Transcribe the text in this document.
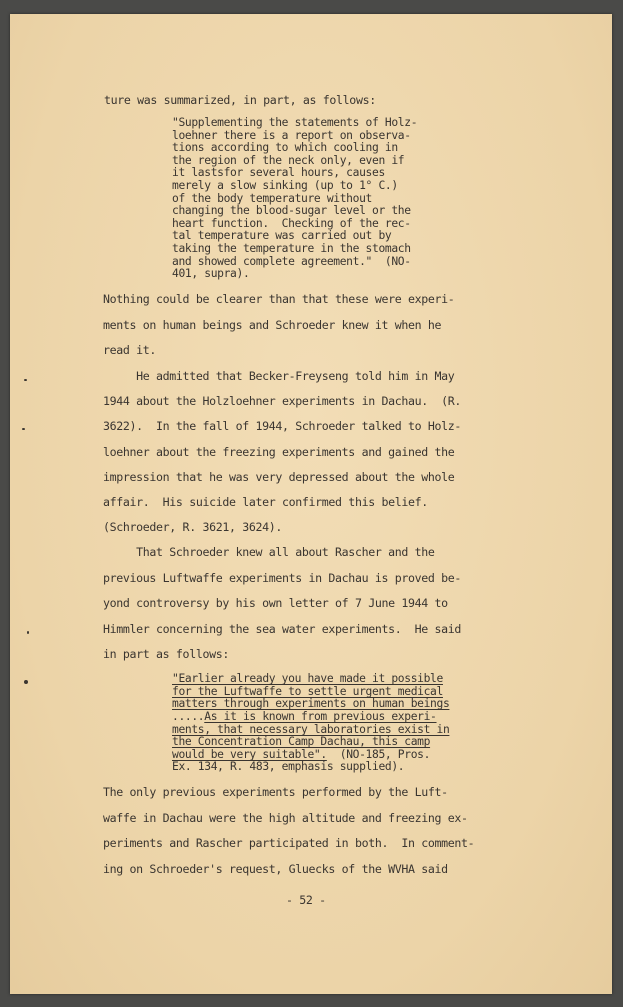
ture was summarized, in part, as follows:
"Supplementing the statements of Holz-
loehner there is a report on observa-
tions according to which cooling in
the region of the neck only, even if
it lastsfor several hours, causes
merely a slow sinking (up to 1° C.)
of the body temperature without
changing the blood-sugar level or the
heart function.  Checking of the rec-
tal temperature was carried out by
taking the temperature in the stomach
and showed complete agreement."  (NO-
401, supra).
Nothing could be clearer than that these were experi-
ments on human beings and Schroeder knew it when he
read it.
He admitted that Becker-Freyseng told him in May
1944 about the Holzloehner experiments in Dachau.  (R.
3622).  In the fall of 1944, Schroeder talked to Holz-
loehner about the freezing experiments and gained the
impression that he was very depressed about the whole
affair.  His suicide later confirmed this belief.
(Schroeder, R. 3621, 3624).
That Schroeder knew all about Rascher and the
previous Luftwaffe experiments in Dachau is proved be-
yond controversy by his own letter of 7 June 1944 to
Himmler concerning the sea water experiments.  He said
in part as follows:
"Earlier already you have made it possible
for the Luftwaffe to settle urgent medical
matters through experiments on human beings
.....As it is known from previous experi-
ments, that necessary laboratories exist in
the Concentration Camp Dachau, this camp
would be very suitable".  (NO-185, Pros.
Ex. 134, R. 483, emphasis supplied).
The only previous experiments performed by the Luft-
waffe in Dachau were the high altitude and freezing ex-
periments and Rascher participated in both.  In comment-
ing on Schroeder's request, Gluecks of the WVHA said
- 52 -
